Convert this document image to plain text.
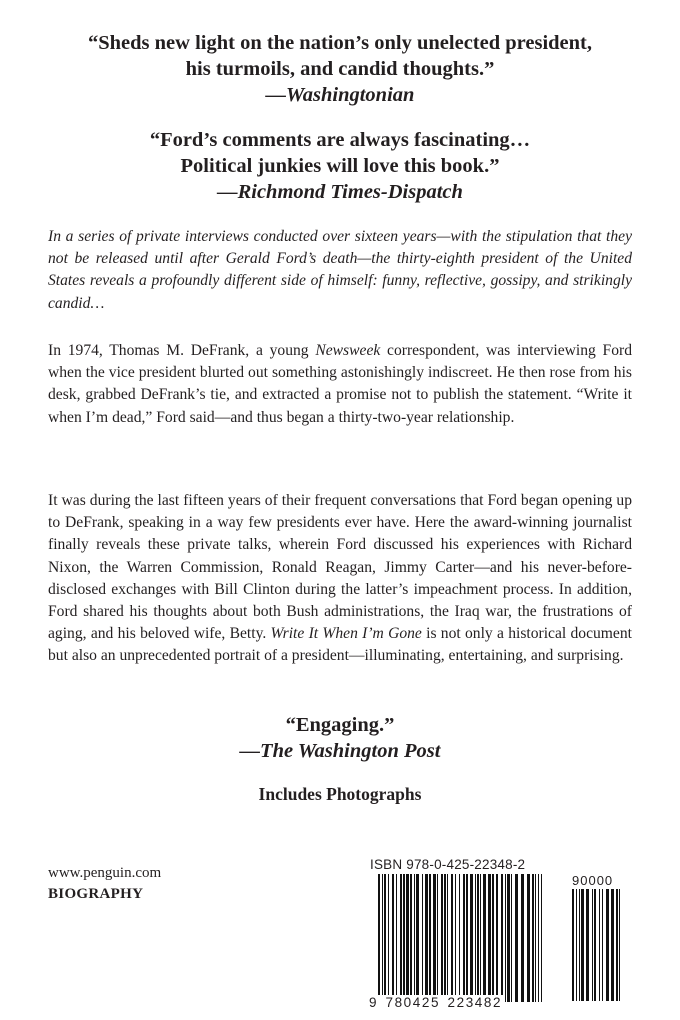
“Sheds new light on the nation’s only unelected president,
his turmoils, and candid thoughts.”
—Washingtonian
“Ford’s comments are always fascinating…
Political junkies will love this book.”
—Richmond Times-Dispatch
In a series of private interviews conducted over sixteen years—with the stipulation that they not be released until after Gerald Ford’s death—the thirty-eighth president of the United States reveals a profoundly different side of himself: funny, reflective, gossipy, and strikingly candid…
In 1974, Thomas M. DeFrank, a young Newsweek correspondent, was interviewing Ford when the vice president blurted out something astonishingly indiscreet. He then rose from his desk, grabbed DeFrank’s tie, and extracted a promise not to publish the statement. “Write it when I’m dead,” Ford said—and thus began a thirty-two-year relationship.
It was during the last fifteen years of their frequent conversations that Ford began opening up to DeFrank, speaking in a way few presidents ever have. Here the award-winning journalist finally reveals these private talks, wherein Ford discussed his experiences with Richard Nixon, the Warren Commission, Ronald Reagan, Jimmy Carter—and his never-before-disclosed exchanges with Bill Clinton during the latter’s impeachment process. In addition, Ford shared his thoughts about both Bush administrations, the Iraq war, the frustrations of aging, and his beloved wife, Betty. Write It When I’m Gone is not only a historical document but also an unprecedented portrait of a president—illuminating, entertaining, and surprising.
“Engaging.”
—The Washington Post
Includes Photographs
www.penguin.com
BIOGRAPHY
ISBN 978-0-425-22348-2
90000
9 780425 223482
